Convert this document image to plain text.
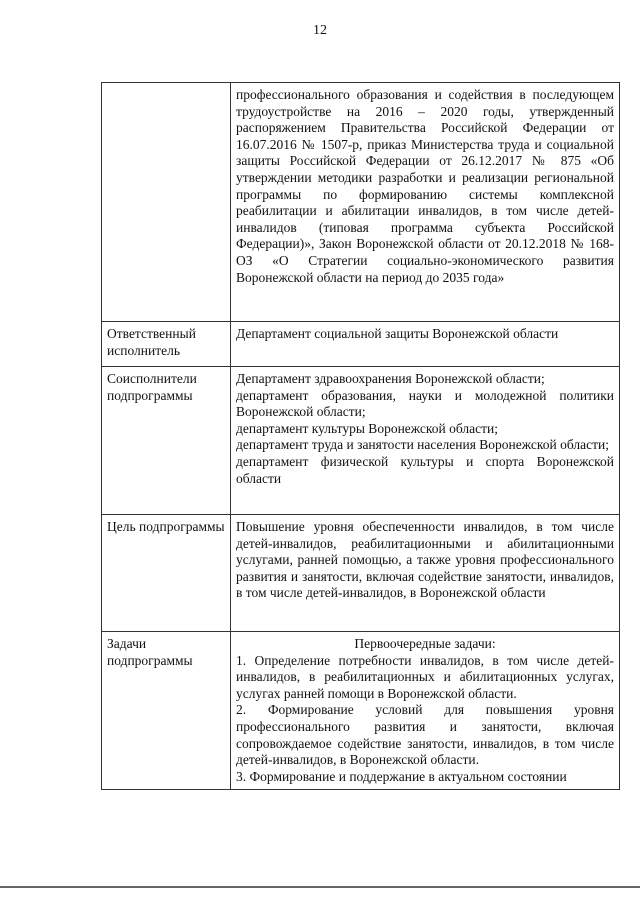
12

	профессионального образования и содействия в последующем трудоустройстве на 2016 – 2020 годы, утвержденный распоряжением Правительства Российской Федерации от 16.07.2016 № 1507-р, приказ Министерства труда и социальной защиты Российской Федерации от 26.12.2017 № 875 «Об утверждении методики разработки и реализации региональной программы по формированию системы комплексной реабилитации и абилитации инвалидов, в том числе детей-инвалидов (типовая программа субъекта Российской Федерации)», Закон Воронежской области от 20.12.2018 № 168-ОЗ «О Стратегии социально-экономического развития Воронежской области на период до 2035 года»

Ответственный исполнитель	Департамент социальной защиты Воронежской области

Соисполнители подпрограммы	Департамент здравоохранения Воронежской области;
департамент образования, науки и молодежной политики Воронежской области;
департамент культуры Воронежской области;
департамент труда и занятости населения Воронежской области;
департамент физической культуры и спорта Воронежской области

Цель подпрограммы	Повышение уровня обеспеченности инвалидов, в том числе детей-инвалидов, реабилитационными и абилитационными услугами, ранней помощью, а также уровня профессионального развития и занятости, включая содействие занятости, инвалидов, в том числе детей-инвалидов, в Воронежской области

Задачи подпрограммы	Первоочередные задачи:
1. Определение потребности инвалидов, в том числе детей-инвалидов, в реабилитационных и абилитационных услугах, услугах ранней помощи в Воронежской области.
2. Формирование условий для повышения уровня профессионального развития и занятости, включая сопровождаемое содействие занятости, инвалидов, в том числе детей-инвалидов, в Воронежской области.
3. Формирование и поддержание в актуальном состоянии
